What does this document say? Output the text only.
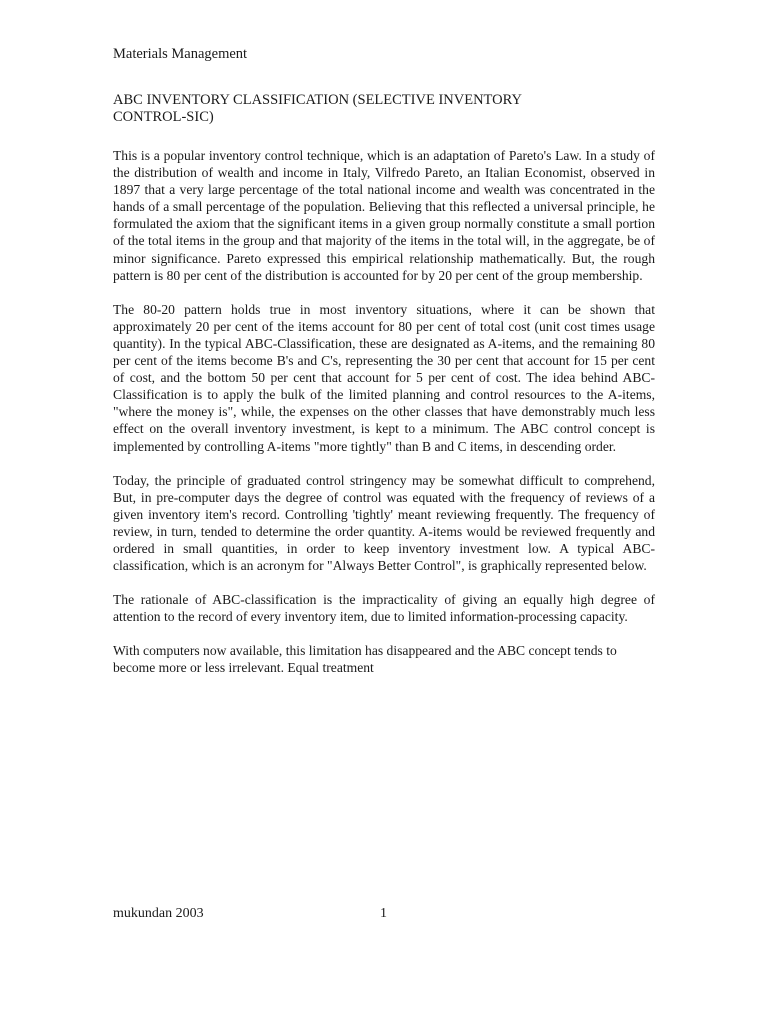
Materials Management
ABC INVENTORY CLASSIFICATION (SELECTIVE INVENTORY CONTROL-SIC)

This is a popular inventory control technique, which is an adaptation of Pareto's Law. In a study of the distribution of wealth and income in Italy, Vilfredo Pareto, an Italian Economist, observed in 1897 that a very large percentage of the total national income and wealth was concentrated in the hands of a small percentage of the population. Believing that this reflected a universal principle, he formulated the axiom that the significant items in a given group normally constitute a small portion of the total items in the group and that majority of the items in the total will, in the aggregate, be of minor significance. Pareto expressed this empirical relationship mathematically. But, the rough pattern is 80 per cent of the distribution is accounted for by 20 per cent of the group membership.

The 80-20 pattern holds true in most inventory situations, where it can be shown that approximately 20 per cent of the items account for 80 per cent of total cost (unit cost times usage quantity). In the typical ABC-Classification, these are designated as A-items, and the remaining 80 per cent of the items become B's and C's, representing the 30 per cent that account for 15 per cent of cost, and the bottom 50 per cent that account for 5 per cent of cost. The idea behind ABC-Classification is to apply the bulk of the limited planning and control resources to the A-items, "where the money is", while, the expenses on the other classes that have demonstrably much less effect on the overall inventory investment, is kept to a minimum. The ABC control concept is implemented by controlling A-items "more tightly" than B and C items, in descending order.

Today, the principle of graduated control stringency may be somewhat difficult to comprehend, But, in pre-computer days the degree of control was equated with the frequency of reviews of a given inventory item's record. Controlling 'tightly' meant reviewing frequently. The frequency of review, in turn, tended to determine the order quantity. A-items would be reviewed frequently and ordered in small quantities, in order to keep inventory investment low. A typical ABC-classification, which is an acronym for "Always Better Control", is graphically represented below.

The rationale of ABC-classification is the impracticality of giving an equally high degree of attention to the record of every inventory item, due to limited information-processing capacity.

With computers now available, this limitation has disappeared and the ABC concept tends to become more or less irrelevant. Equal treatment

mukundan 2003	1
